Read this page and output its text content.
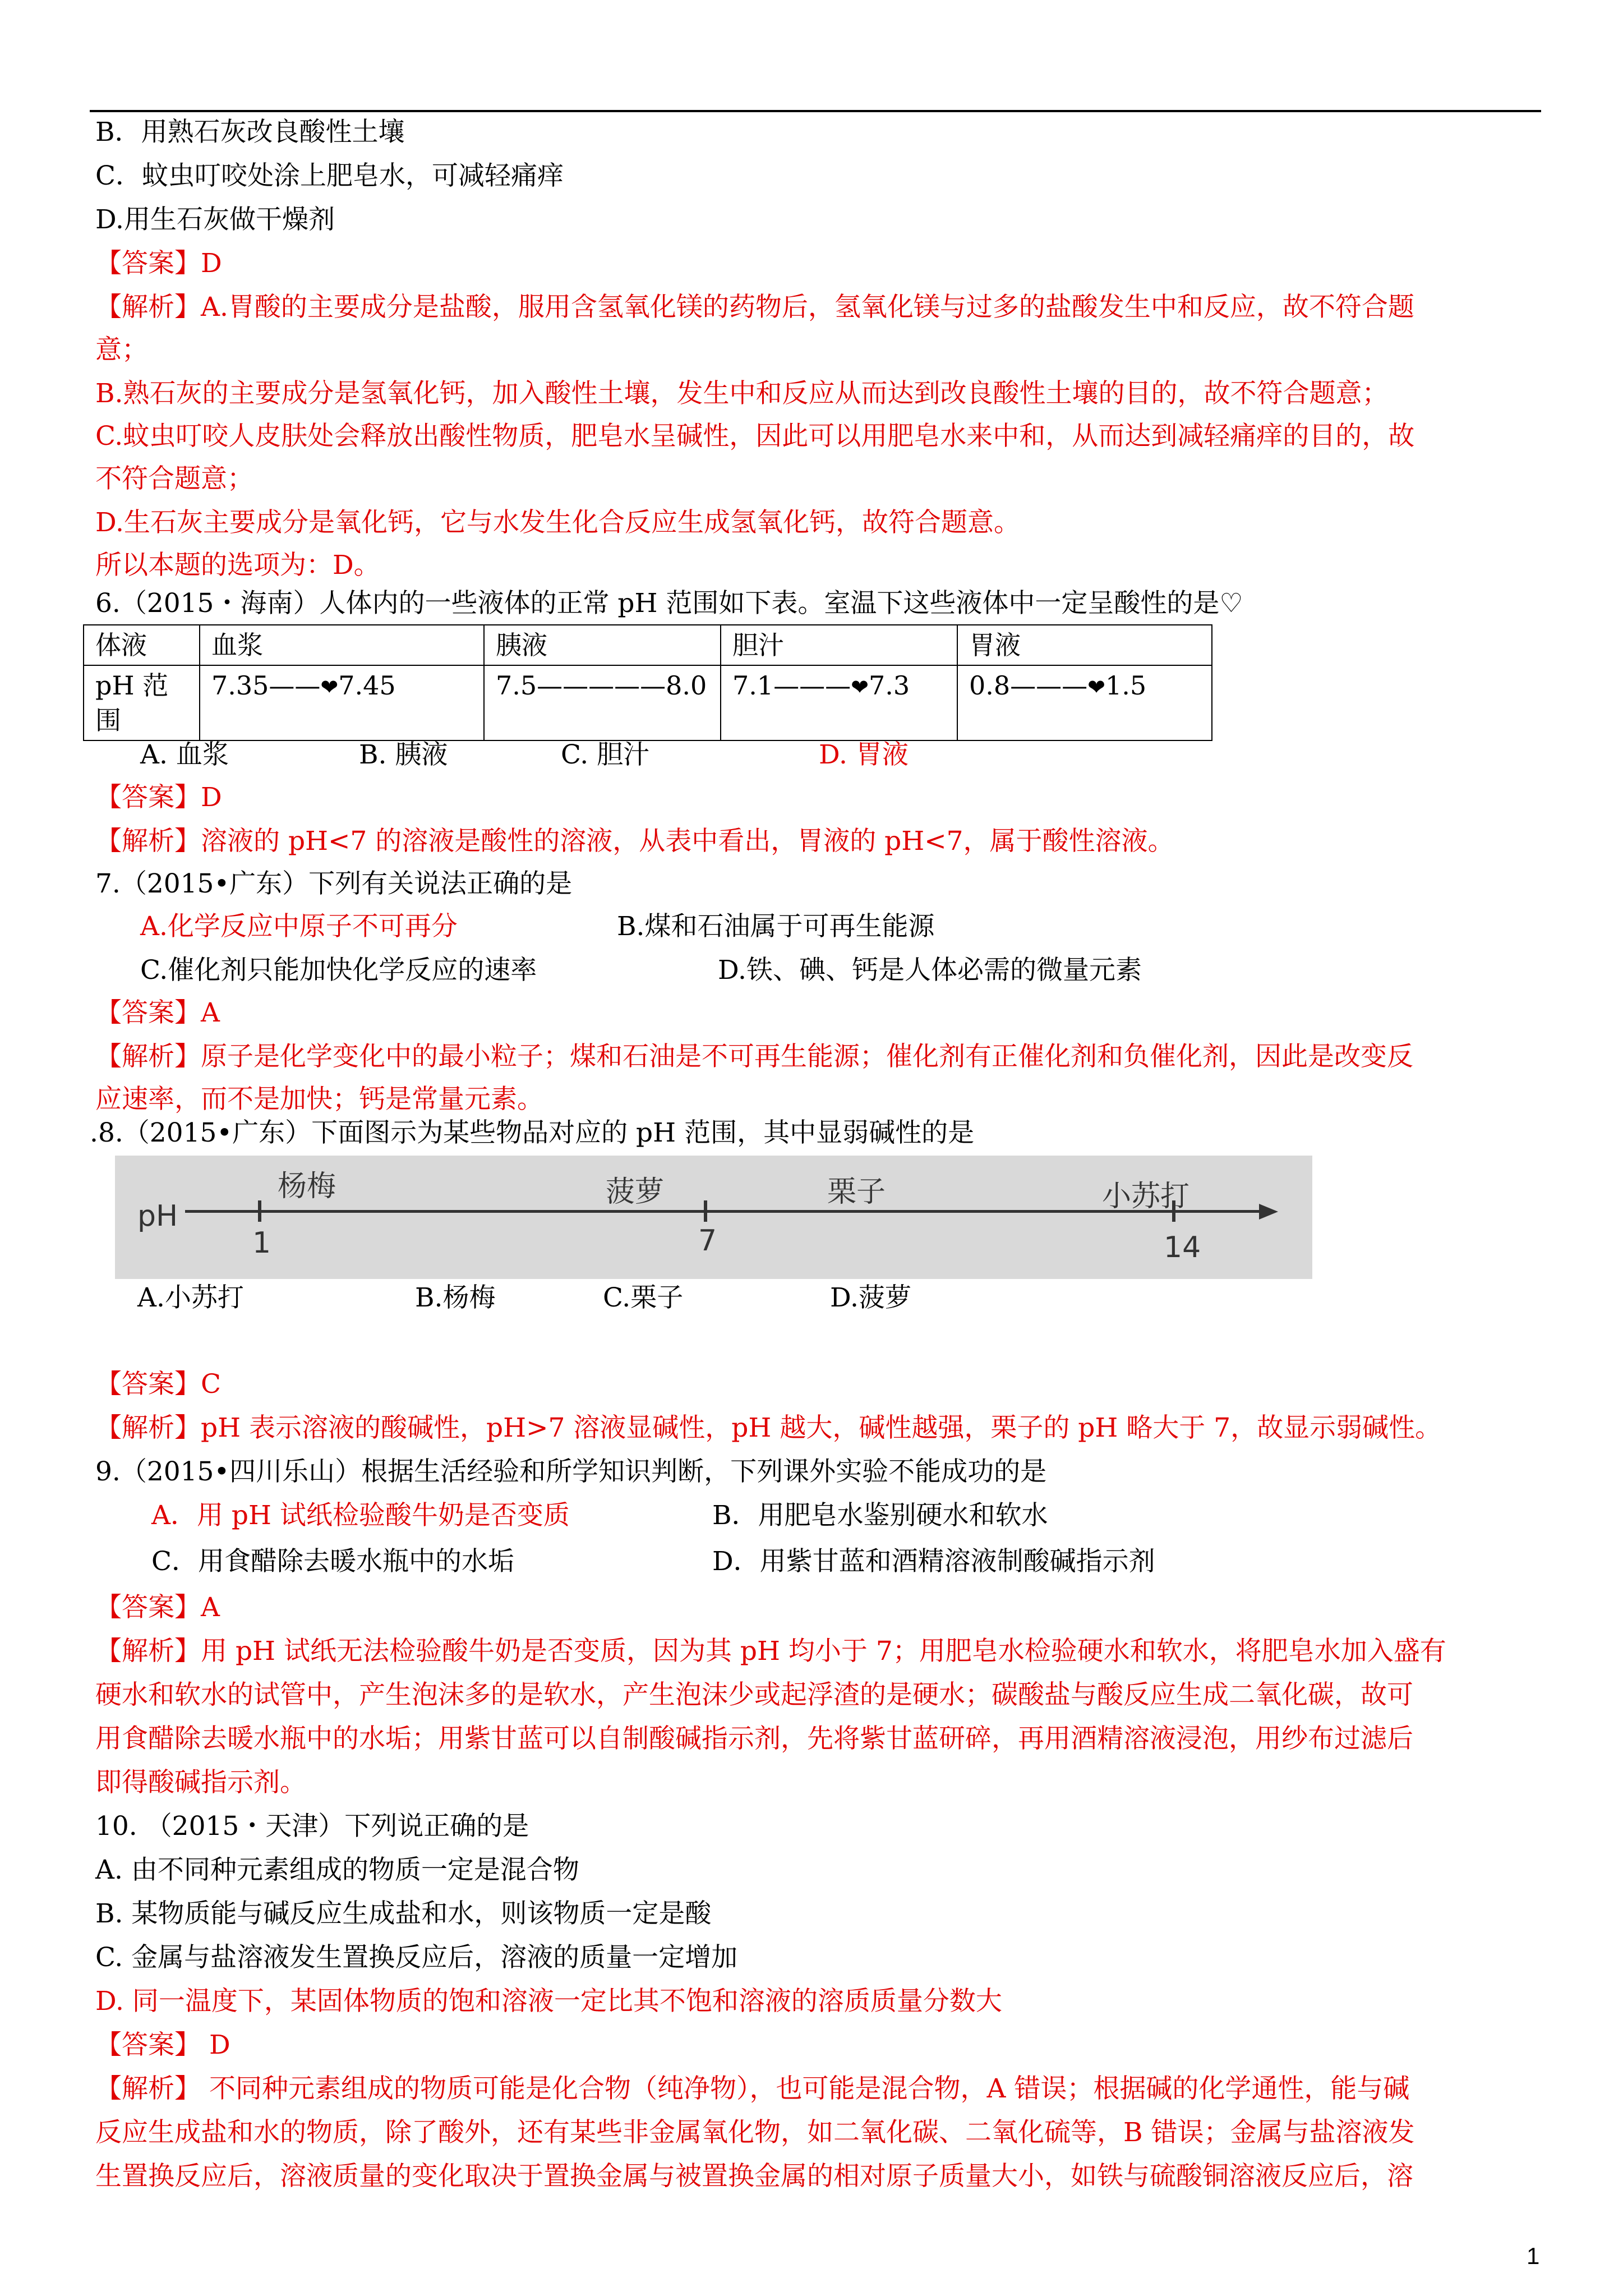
B．用熟石灰改良酸性土壤
C．蚊虫叮咬处涂上肥皂水，可减轻痛痒
D.用生石灰做干燥剂
【答案】D
【解析】A.胃酸的主要成分是盐酸，服用含氢氧化镁的药物后，氢氧化镁与过多的盐酸发生中和反应，故不符合题
意；
B.熟石灰的主要成分是氢氧化钙，加入酸性土壤，发生中和反应从而达到改良酸性土壤的目的，故不符合题意；
C.蚊虫叮咬人皮肤处会释放出酸性物质，肥皂水呈碱性，因此可以用肥皂水来中和，从而达到减轻痛痒的目的，故
不符合题意；
D.生石灰主要成分是氧化钙，它与水发生化合反应生成氢氧化钙，故符合题意。
所以本题的选项为：D。
6.（2015・海南）人体内的一些液体的正常 pH 范围如下表。室温下这些液体中一定呈酸性的是♡
体液	血浆	胰液	胆汁	胃液
pH 范
围	7.35——❤7.45	7.5—————8.0	7.1———❤7.3	0.8———❤1.5
A. 血浆	B. 胰液	C. 胆汁	D. 胃液
【答案】D
【解析】溶液的 pH<7 的溶液是酸性的溶液，从表中看出，胃液的 pH<7，属于酸性溶液。
7.（2015•广东）下列有关说法正确的是
A.化学反应中原子不可再分	B.煤和石油属于可再生能源
C.催化剂只能加快化学反应的速率	D.铁、碘、钙是人体必需的微量元素
【答案】A
【解析】原子是化学变化中的最小粒子；煤和石油是不可再生能源；催化剂有正催化剂和负催化剂，因此是改变反
应速率，而不是加快；钙是常量元素。
.8.（2015•广东）下面图示为某些物品对应的 pH 范围，其中显弱碱性的是
pH
杨梅	菠萝	栗子	小苏打
1	7	14
A.小苏打	B.杨梅	C.栗子	D.菠萝
【答案】C
【解析】pH 表示溶液的酸碱性，pH>7 溶液显碱性，pH 越大，碱性越强，栗子的 pH 略大于 7，故显示弱碱性。
9.（2015•四川乐山）根据生活经验和所学知识判断，下列课外实验不能成功的是
A．用 pH 试纸检验酸牛奶是否变质	B．用肥皂水鉴别硬水和软水
C．用食醋除去暖水瓶中的水垢	D．用紫甘蓝和酒精溶液制酸碱指示剂
【答案】A
【解析】用 pH 试纸无法检验酸牛奶是否变质，因为其 pH 均小于 7；用肥皂水检验硬水和软水，将肥皂水加入盛有
硬水和软水的试管中，产生泡沫多的是软水，产生泡沫少或起浮渣的是硬水；碳酸盐与酸反应生成二氧化碳，故可
用食醋除去暖水瓶中的水垢；用紫甘蓝可以自制酸碱指示剂，先将紫甘蓝研碎，再用酒精溶液浸泡，用纱布过滤后
即得酸碱指示剂。
10. （2015・天津）下列说正确的是
A. 由不同种元素组成的物质一定是混合物
B. 某物质能与碱反应生成盐和水，则该物质一定是酸
C. 金属与盐溶液发生置换反应后，溶液的质量一定增加
D. 同一温度下，某固体物质的饱和溶液一定比其不饱和溶液的溶质质量分数大
【答案】 D
【解析】 不同种元素组成的物质可能是化合物（纯净物），也可能是混合物，A 错误；根据碱的化学通性，能与碱
反应生成盐和水的物质，除了酸外，还有某些非金属氧化物，如二氧化碳、二氧化硫等，B 错误；金属与盐溶液发
生置换反应后，溶液质量的变化取决于置换金属与被置换金属的相对原子质量大小，如铁与硫酸铜溶液反应后，溶
1
